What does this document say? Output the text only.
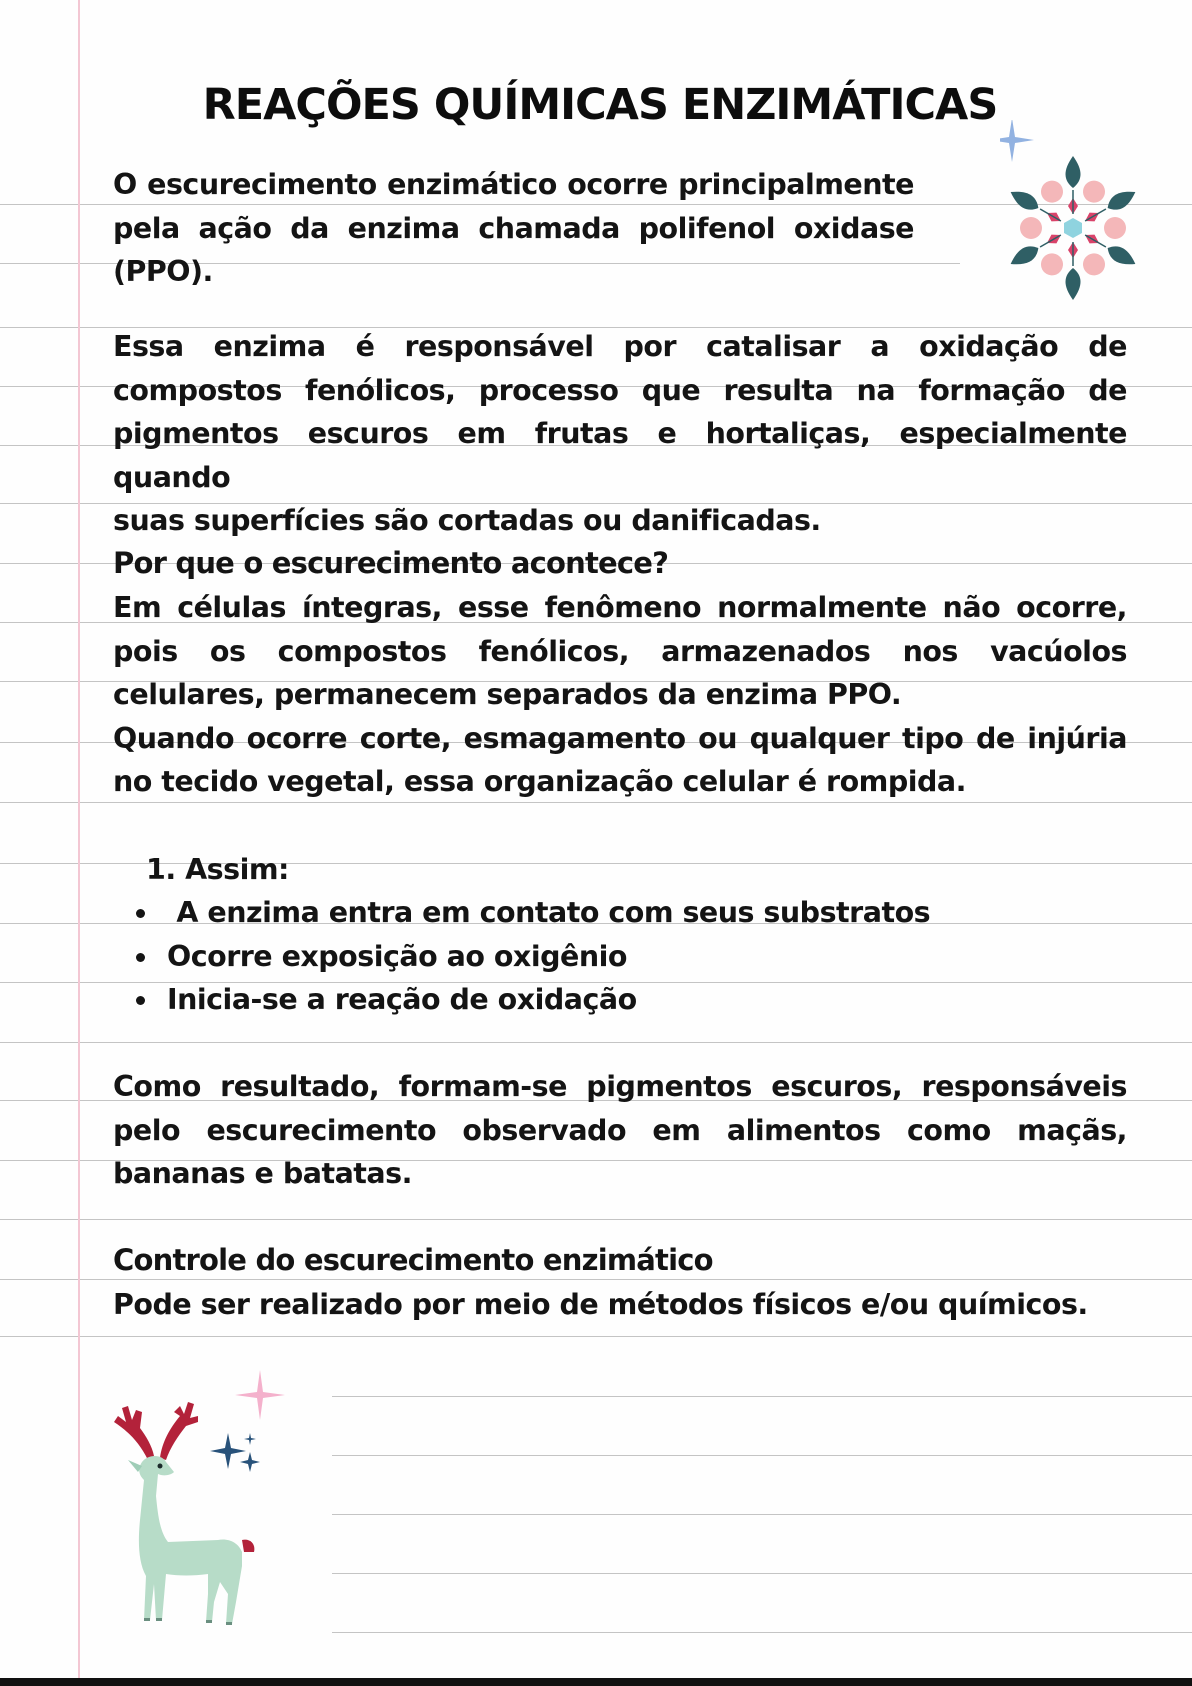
REAÇÕES QUÍMICAS ENZIMÁTICAS
O escurecimento enzimático ocorre principalmente
pela ação da enzima chamada polifenol oxidase
(PPO).
Essa enzima é responsável por catalisar a oxidação de
compostos fenólicos, processo que resulta na formação de
pigmentos escuros em frutas e hortaliças, especialmente quando
suas superfícies são cortadas ou danificadas.
Por que o escurecimento acontece?
Em células íntegras, esse fenômeno normalmente não ocorre,
pois os compostos fenólicos, armazenados nos vacúolos
celulares, permanecem separados da enzima PPO.
Quando ocorre corte, esmagamento ou qualquer tipo de injúria
no tecido vegetal, essa organização celular é rompida.
1. Assim:
A enzima entra em contato com seus substratos
Ocorre exposição ao oxigênio
Inicia-se a reação de oxidação
Como resultado, formam-se pigmentos escuros, responsáveis
pelo escurecimento observado em alimentos como maçãs,
bananas e batatas.
Controle do escurecimento enzimático
Pode ser realizado por meio de métodos físicos e/ou químicos.
